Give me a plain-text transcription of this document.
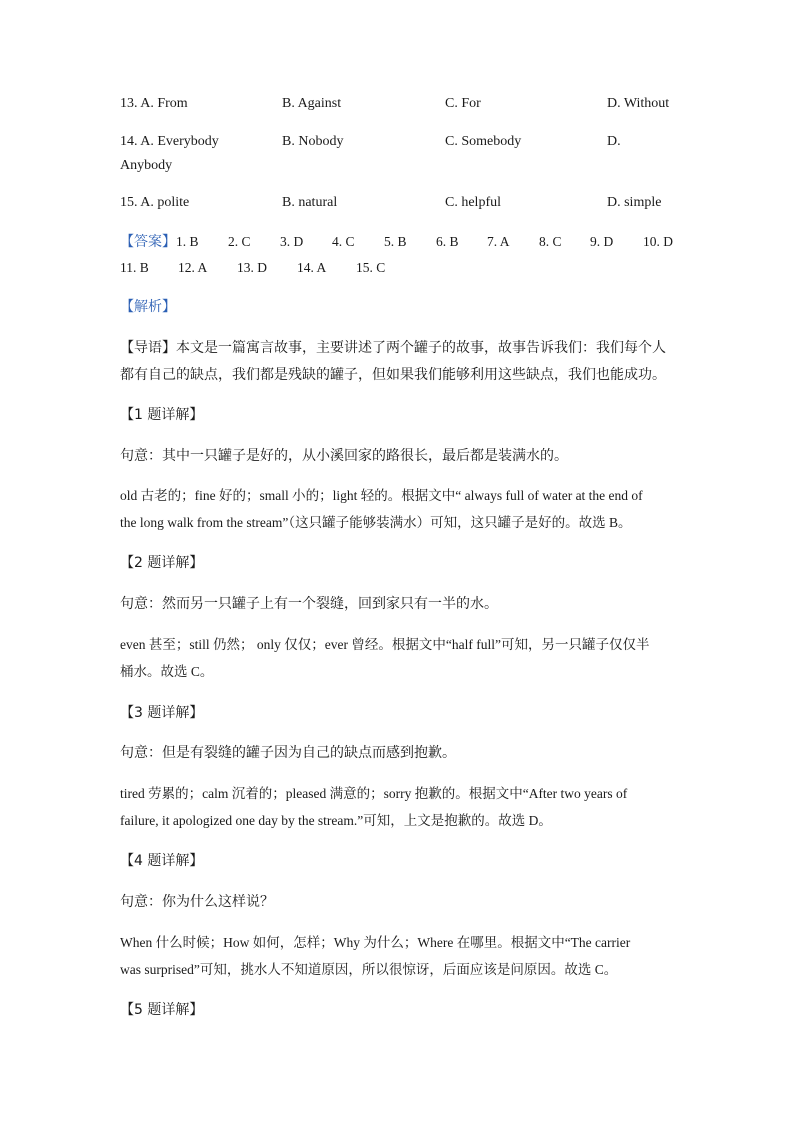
13. A. From	B. Against	C. For	D. Without
14. A. Everybody	B. Nobody	C. Somebody	D.
Anybody
15. A. polite	B. natural	C. helpful	D. simple
【答案】 1. B 2. C 3. D 4. C 5. B 6. B 7. A 8. C 9. D 10. D
11. B 12. A 13. D 14. A 15. C
【解析】
【导语】本文是一篇寓言故事，主要讲述了两个罐子的故事，故事告诉我们：我们每个人
都有自己的缺点，我们都是残缺的罐子，但如果我们能够利用这些缺点，我们也能成功。
【1 题详解】
句意：其中一只罐子是好的，从小溪回家的路很长，最后都是装满水的。
old 古老的；fine 好的；small 小的；light 轻的。根据文中“ always full of water at the end of
the long walk from the stream”（这只罐子能够装满水）可知，这只罐子是好的。故选 B。
【2 题详解】
句意：然而另一只罐子上有一个裂缝，回到家只有一半的水。
even 甚至；still 仍然； only 仅仅；ever 曾经。根据文中“half full”可知，另一只罐子仅仅半
桶水。故选 C。
【3 题详解】
句意：但是有裂缝的罐子因为自己的缺点而感到抱歉。
tired 劳累的；calm 沉着的；pleased 满意的；sorry 抱歉的。根据文中“After two years of
failure, it apologized one day by the stream.”可知，上文是抱歉的。故选 D。
【4 题详解】
句意：你为什么这样说？
When 什么时候；How 如何，怎样；Why 为什么；Where 在哪里。根据文中“The carrier
was surprised”可知，挑水人不知道原因，所以很惊讶，后面应该是问原因。故选 C。
【5 题详解】
